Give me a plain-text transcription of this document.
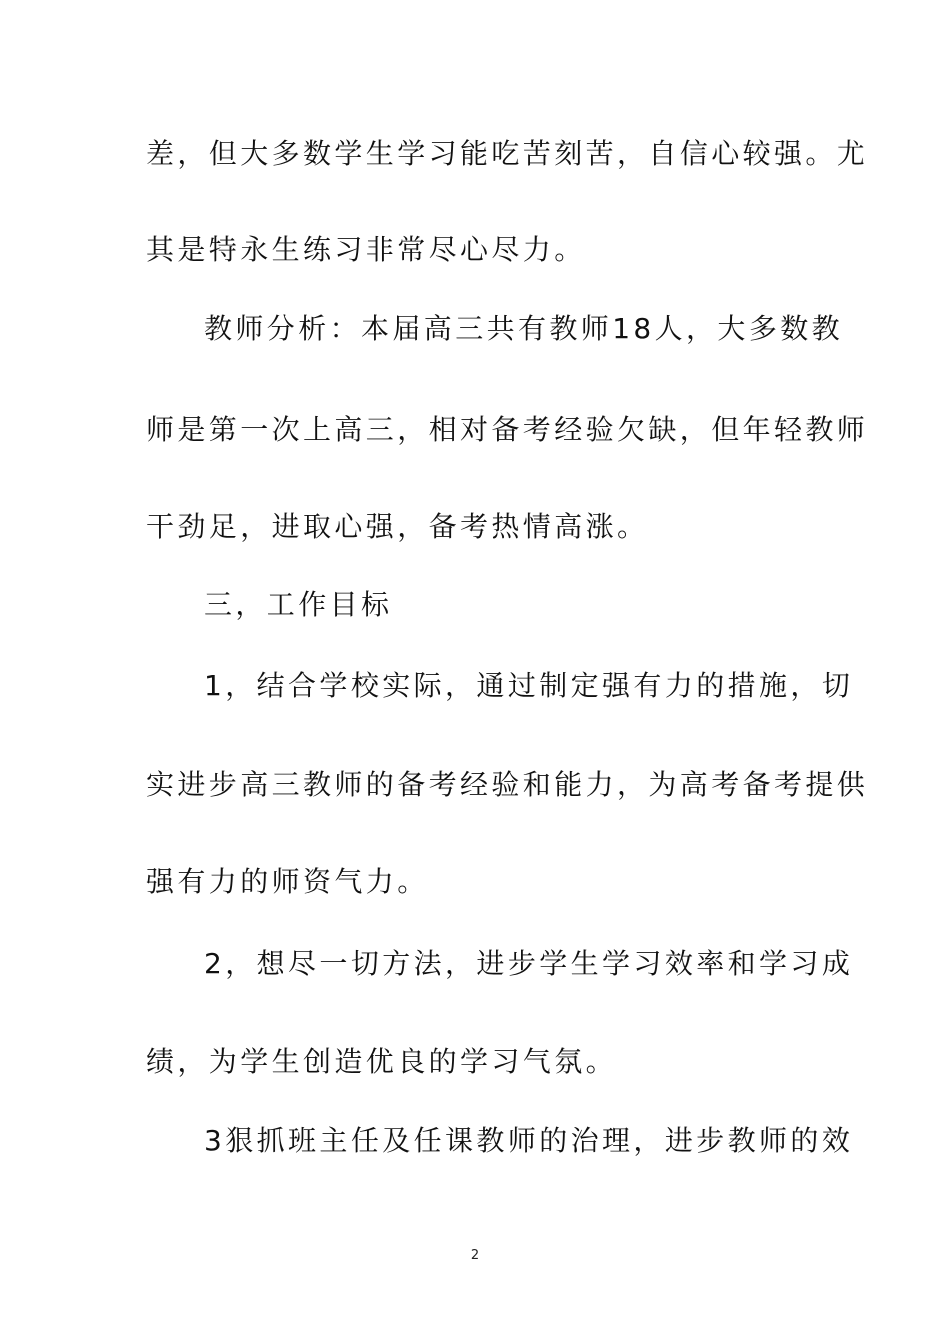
差，但大多数学生学习能吃苦刻苦，自信心较强。尤
其是特永生练习非常尽心尽力。
教师分析：本届高三共有教师18人，大多数教
师是第一次上高三，相对备考经验欠缺，但年轻教师
干劲足，进取心强，备考热情高涨。
三，工作目标
1，结合学校实际，通过制定强有力的措施，切
实进步高三教师的备考经验和能力，为高考备考提供
强有力的师资气力。
2，想尽一切方法，进步学生学习效率和学习成
绩，为学生创造优良的学习气氛。
3狠抓班主任及任课教师的治理，进步教师的效
2
